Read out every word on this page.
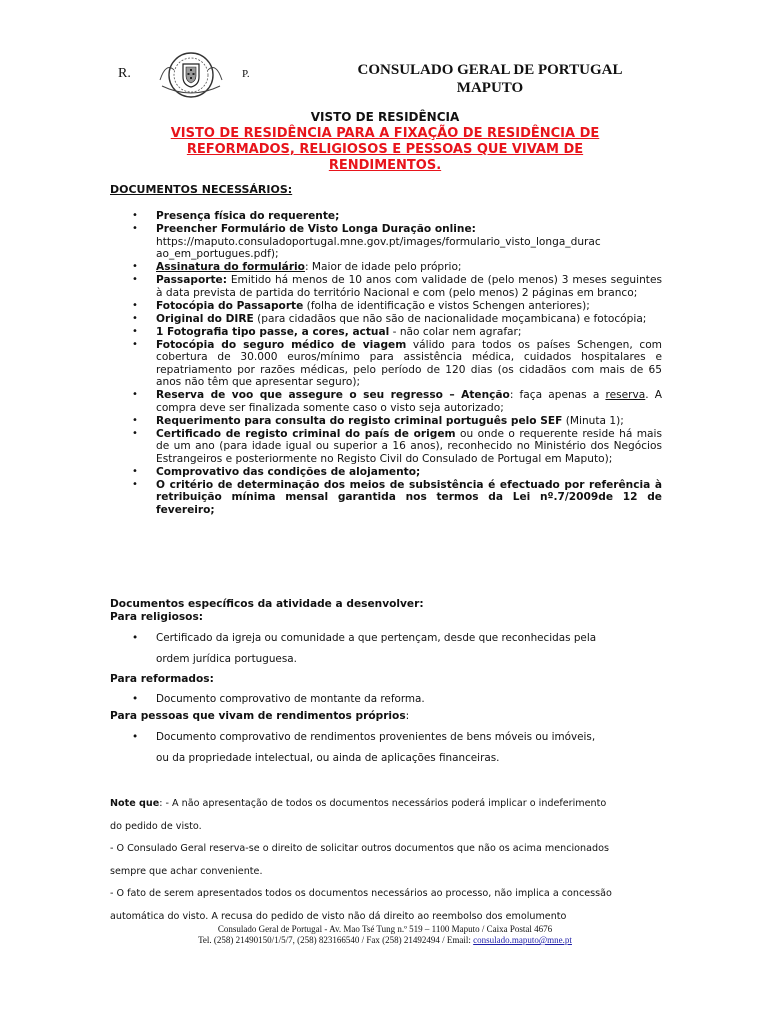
R.	P.	CONSULADO GERAL DE PORTUGAL
MAPUTO
VISTO DE RESIDÊNCIA
VISTO DE RESIDÊNCIA PARA A FIXAÇÃO DE RESIDÊNCIA DE
REFORMADOS, RELIGIOSOS E PESSOAS QUE VIVAM DE
RENDIMENTOS.
DOCUMENTOS NECESSÁRIOS:
• Presença física do requerente;
• Preencher Formulário de Visto Longa Duração online:
https://maputo.consuladoportugal.mne.gov.pt/images/formulario_visto_longa_durac
ao_em_portugues.pdf);
• Assinatura do formulário: Maior de idade pelo próprio;
• Passaporte: Emitido há menos de 10 anos com validade de (pelo menos) 3 meses seguintes à data prevista de partida do território Nacional e com (pelo menos) 2 páginas em branco;
• Fotocópia do Passaporte (folha de identificação e vistos Schengen anteriores);
• Original do DIRE (para cidadãos que não são de nacionalidade moçambicana) e fotocópia;
• 1 Fotografia tipo passe, a cores, actual - não colar nem agrafar;
• Fotocópia do seguro médico de viagem válido para todos os países Schengen, com cobertura de 30.000 euros/mínimo para assistência médica, cuidados hospitalares e repatriamento por razões médicas, pelo período de 120 dias (os cidadãos com mais de 65 anos não têm que apresentar seguro);
• Reserva de voo que assegure o seu regresso – Atenção: faça apenas a reserva. A compra deve ser finalizada somente caso o visto seja autorizado;
• Requerimento para consulta do registo criminal português pelo SEF (Minuta 1);
• Certificado de registo criminal do país de origem ou onde o requerente reside há mais de um ano (para idade igual ou superior a 16 anos), reconhecido no Ministério dos Negócios Estrangeiros e posteriormente no Registo Civil do Consulado de Portugal em Maputo);
• Comprovativo das condições de alojamento;
• O critério de determinação dos meios de subsistência é efectuado por referência à retribuição mínima mensal garantida nos termos da Lei nº.7/2009de 12 de fevereiro;
Documentos específicos da atividade a desenvolver:
Para religiosos:
• Certificado da igreja ou comunidade a que pertençam, desde que reconhecidas pela
ordem jurídica portuguesa.
Para reformados:
• Documento comprovativo de montante da reforma.
Para pessoas que vivam de rendimentos próprios:
• Documento comprovativo de rendimentos provenientes de bens móveis ou imóveis,
ou da propriedade intelectual, ou ainda de aplicações financeiras.
Note que: - A não apresentação de todos os documentos necessários poderá implicar o indeferimento
do pedido de visto.
- O Consulado Geral reserva-se o direito de solicitar outros documentos que não os acima mencionados
sempre que achar conveniente.
- O fato de serem apresentados todos os documentos necessários ao processo, não implica a concessão
automática do visto. A recusa do pedido de visto não dá direito ao reembolso dos emolumento
Consulado Geral de Portugal - Av. Mao Tsé Tung n.º 519 – 1100 Maputo / Caixa Postal 4676
Tel. (258) 21490150/1/5/7, (258) 823166540 / Fax (258) 21492494 / Email: consulado.maputo@mne.pt
